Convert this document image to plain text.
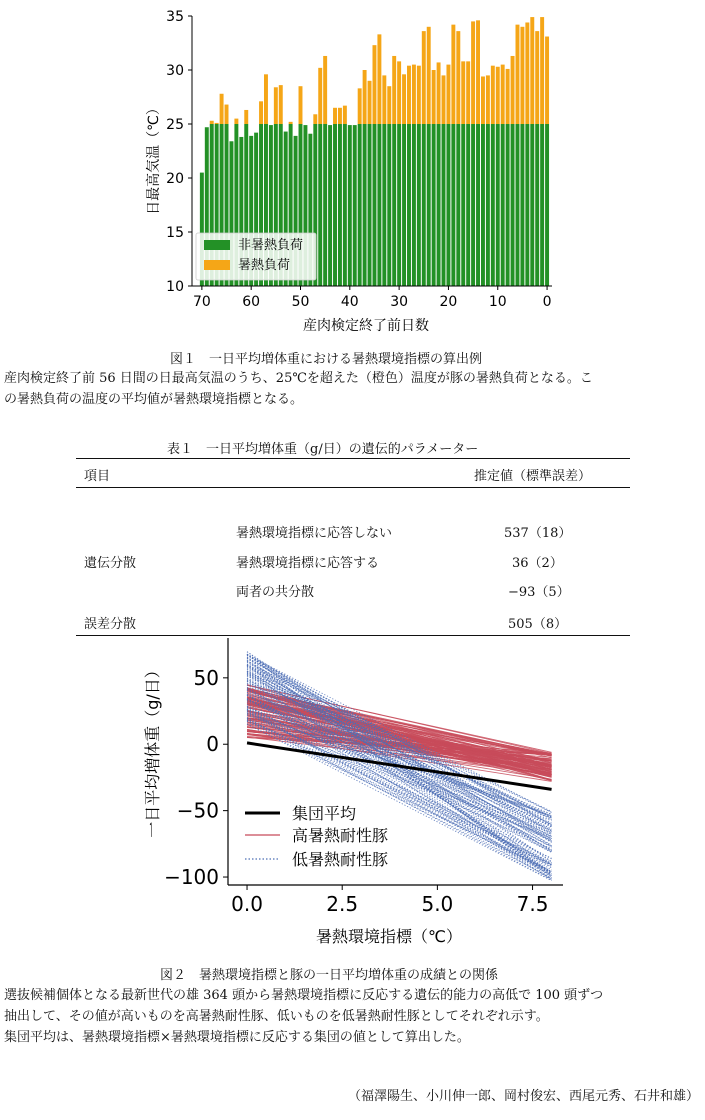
70 60 50 40 30 20 10	0
10
15
20
25
30
35
非暑熱負荷
暑熱負荷
産肉検定終了前日数
日最高気温（℃）
図１　一日平均増体重における暑熱環境指標の算出例
産肉検定終了前 56 日間の日最高気温のうち、25℃を超えた（橙色）温度が豚の暑熱負荷となる。こ
の暑熱負荷の温度の平均値が暑熱環境指標となる。
表１　一日平均増体重（g/日）の遺伝的パラメーター
項目	推定値（標準誤差）
遺伝分散
暑熱環境指標に応答しない	537（18）
暑熱環境指標に応答する	36（2）
両者の共分散	−93（5）
誤差分散	505（8）
0.0	2.5	5.0	7.5
50
0
−50
−100
集団平均
高暑熱耐性豚
低暑熱耐性豚
暑熱環境指標（℃）
一日平均増体重（g/日）
図２　暑熱環境指標と豚の一日平均増体重の成績との関係
選抜候補個体となる最新世代の雄 364 頭から暑熱環境指標に反応する遺伝的能力の高低で 100 頭ずつ
抽出して、その値が高いものを高暑熱耐性豚、低いものを低暑熱耐性豚としてそれぞれ示す。
集団平均は、暑熱環境指標×暑熱環境指標に反応する集団の値として算出した。
（福澤陽生、小川伸一郎、岡村俊宏、西尾元秀、石井和雄）
